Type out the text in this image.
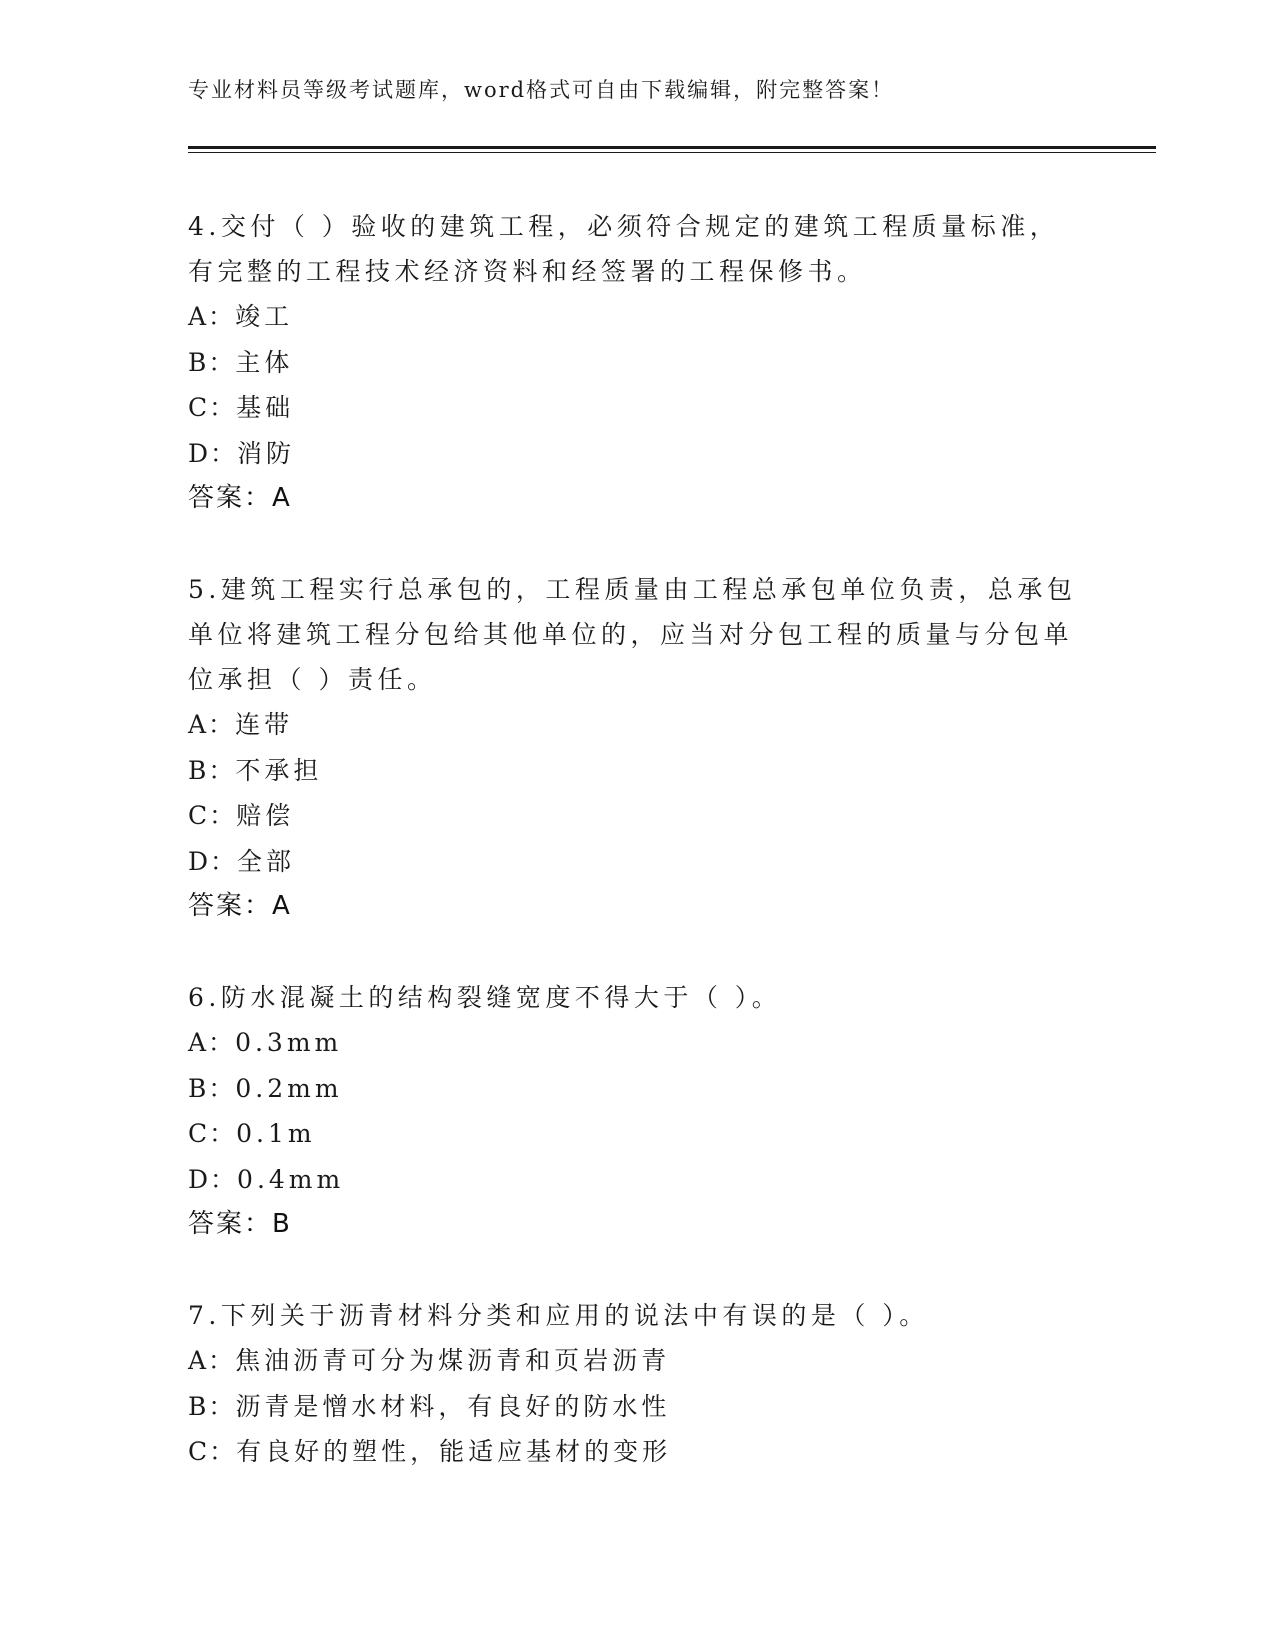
专业材料员等级考试题库，word格式可自由下载编辑，附完整答案！

4.交付（ ）验收的建筑工程，必须符合规定的建筑工程质量标准，有完整的工程技术经济资料和经签署的工程保修书。

A：竣工

B：主体

C：基础

D：消防

答案：A

5.建筑工程实行总承包的，工程质量由工程总承包单位负责，总承包单位将建筑工程分包给其他单位的，应当对分包工程的质量与分包单位承担（ ）责任。

A：连带

B：不承担

C：赔偿

D：全部

答案：A

6.防水混凝土的结构裂缝宽度不得大于（ ）。

A：0.3mm

B：0.2mm

C：0.1m

D：0.4mm

答案：B

7.下列关于沥青材料分类和应用的说法中有误的是（ ）。

A：焦油沥青可分为煤沥青和页岩沥青

B：沥青是憎水材料，有良好的防水性

C：有良好的塑性，能适应基材的变形
